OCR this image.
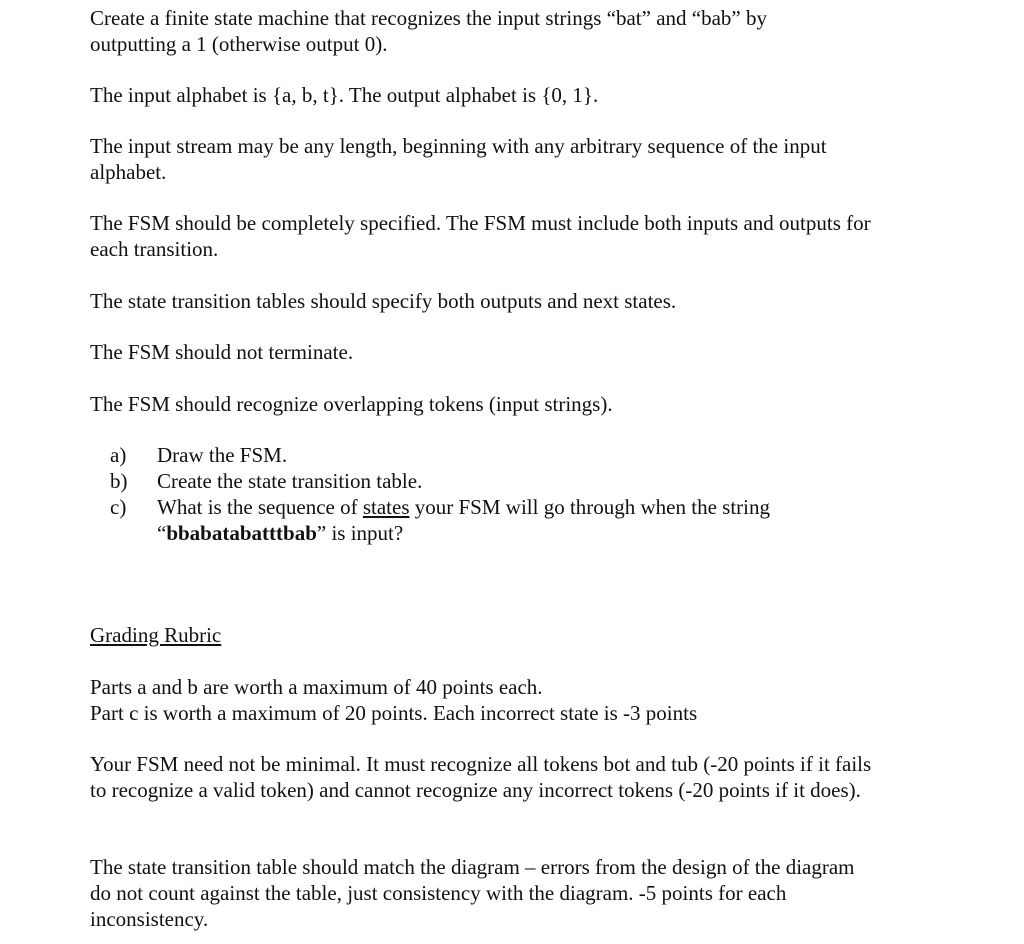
Create a finite state machine that recognizes the input strings “bat” and “bab” by outputting a 1 (otherwise output 0).

The input alphabet is {a, b, t}. The output alphabet is {0, 1}.

The input stream may be any length, beginning with any arbitrary sequence of the input alphabet.

The FSM should be completely specified. The FSM must include both inputs and outputs for each transition.

The state transition tables should specify both outputs and next states.

The FSM should not terminate.

The FSM should recognize overlapping tokens (input strings).

a) Draw the FSM.
b) Create the state transition table.
c) What is the sequence of states your FSM will go through when the string “bbabatabatttbab” is input?

Grading Rubric

Parts a and b are worth a maximum of 40 points each.

Part c is worth a maximum of 20 points. Each incorrect state is -3 points

Your FSM need not be minimal. It must recognize all tokens bot and tub (-20 points if it fails to recognize a valid token) and cannot recognize any incorrect tokens (-20 points if it does).

The state transition table should match the diagram – errors from the design of the diagram do not count against the table, just consistency with the diagram. -5 points for each inconsistency.
